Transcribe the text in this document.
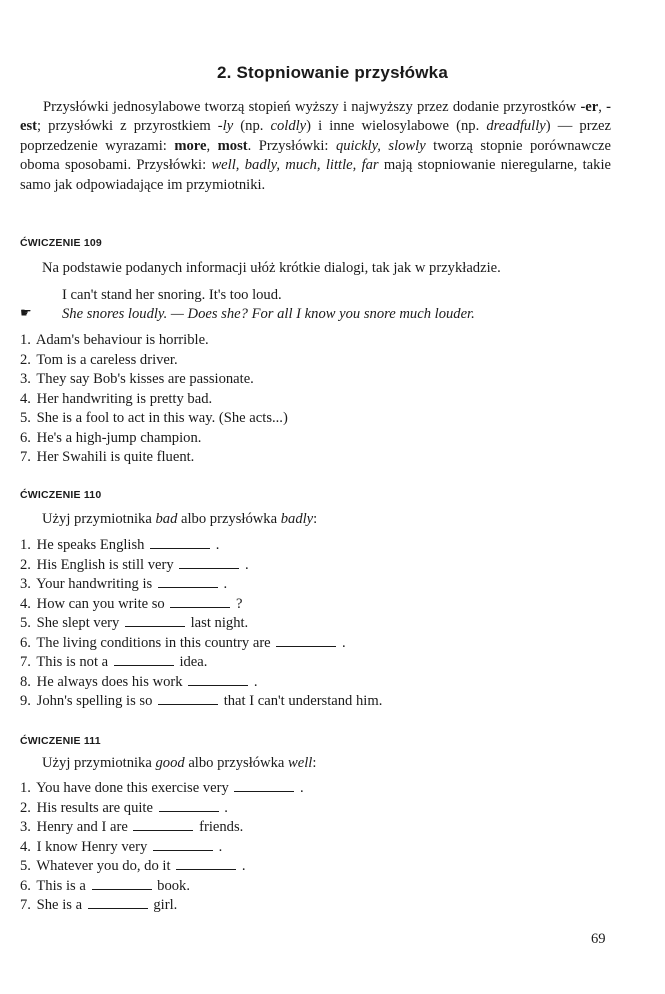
2. Stopniowanie przysłówka

Przysłówki jednosylabowe tworzą stopień wyższy i najwyższy przez dodanie przyrostków -er, -est; przysłówki z przyrostkiem -ly (np. coldly) i inne wielosylabowe (np. dreadfully) — przez poprzedzenie wyrazami: more, most. Przysłówki: quickly, slowly tworzą stopnie porównawcze oboma sposobami. Przysłówki: well, badly, much, little, far mają stopniowanie nieregularne, takie samo jak odpowiadające im przymiotniki.

ĆWICZENIE 109

Na podstawie podanych informacji ułóż krótkie dialogi, tak jak w przykładzie.

I can't stand her snoring. It's too loud.

☛ She snores loudly. — Does she? For all I know you snore much louder.

1. Adam's behaviour is horrible.
2. Tom is a careless driver.
3. They say Bob's kisses are passionate.
4. Her handwriting is pretty bad.
5. She is a fool to act in this way. (She acts...)
6. He's a high-jump champion.
7. Her Swahili is quite fluent.

ĆWICZENIE 110

Użyj przymiotnika bad albo przysłówka badly:

1. He speaks English	.
2. His English is still very	.
3. Your handwriting is	.
4. How can you write so	?
5. She slept very	last night.
6. The living conditions in this country are	.
7. This is not a	idea.
8. He always does his work	.
9. John's spelling is so	that I can't understand him.

ĆWICZENIE 111

Użyj przymiotnika good albo przysłówka well:

1. You have done this exercise very	.
2. His results are quite	.
3. Henry and I are	friends.
4. I know Henry very	.
5. Whatever you do, do it	.
6. This is a	book.
7. She is a	girl.

69
